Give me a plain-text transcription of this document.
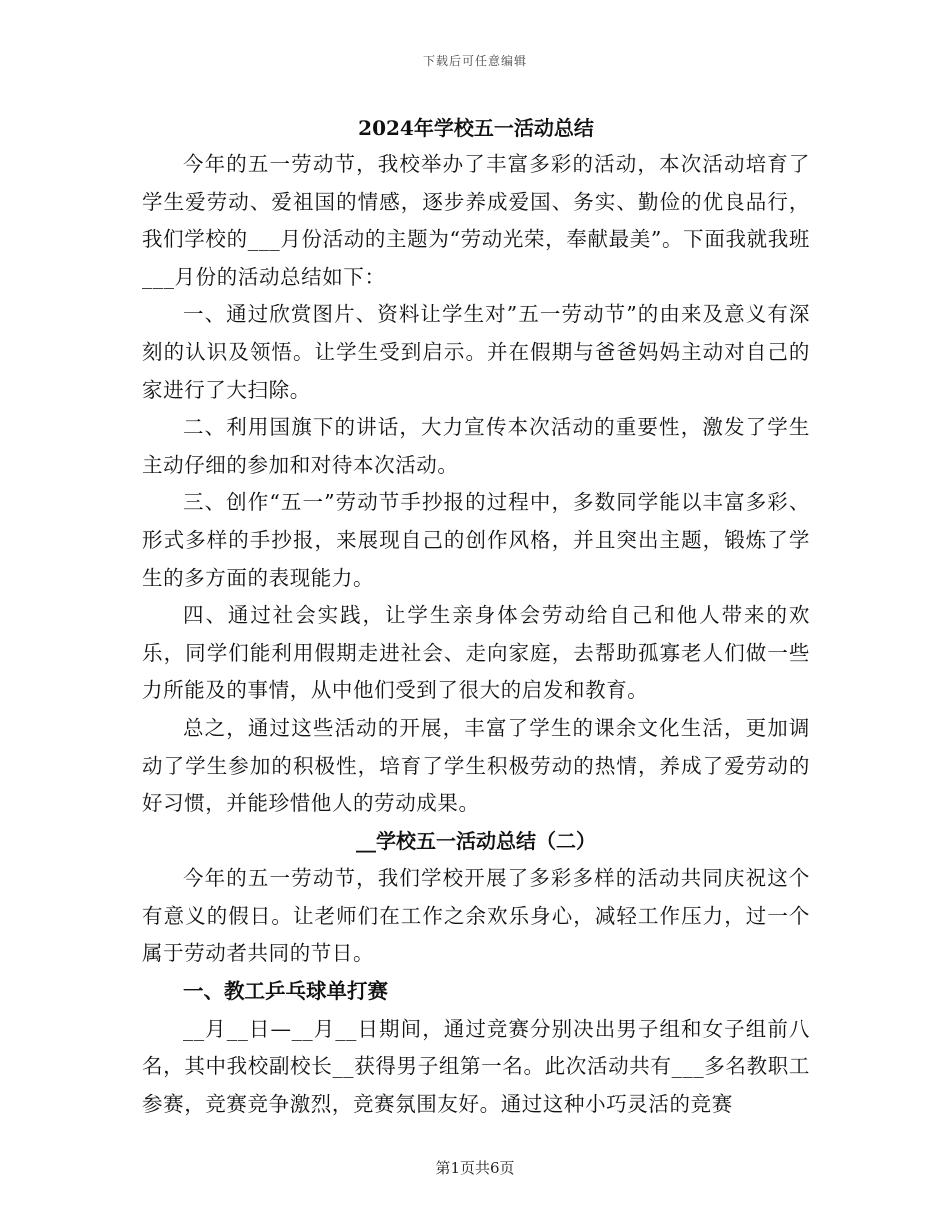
下载后可任意编辑
2024年学校五一活动总结

今年的五一劳动节，我校举办了丰富多彩的活动，本次活动培育了学生爱劳动、爱祖国的情感，逐步养成爱国、务实、勤俭的优良品行，我们学校的___月份活动的主题为“劳动光荣，奉献最美”。下面我就我班___月份的活动总结如下：

一、通过欣赏图片、资料让学生对”五一劳动节”的由来及意义有深刻的认识及领悟。让学生受到启示。并在假期与爸爸妈妈主动对自己的家进行了大扫除。

二、利用国旗下的讲话，大力宣传本次活动的重要性，激发了学生主动仔细的参加和对待本次活动。

三、创作“五一”劳动节手抄报的过程中，多数同学能以丰富多彩、形式多样的手抄报，来展现自己的创作风格，并且突出主题，锻炼了学生的多方面的表现能力。

四、通过社会实践，让学生亲身体会劳动给自己和他人带来的欢乐，同学们能利用假期走进社会、走向家庭，去帮助孤寡老人们做一些力所能及的事情，从中他们受到了很大的启发和教育。

总之，通过这些活动的开展，丰富了学生的课余文化生活，更加调动了学生参加的积极性，培育了学生积极劳动的热情，养成了爱劳动的好习惯，并能珍惜他人的劳动成果。

__学校五一活动总结（二）

今年的五一劳动节，我们学校开展了多彩多样的活动共同庆祝这个有意义的假日。让老师们在工作之余欢乐身心，减轻工作压力，过一个属于劳动者共同的节日。

一、教工乒乓球单打赛

__月__日—__月__日期间，通过竞赛分别决出男子组和女子组前八名，其中我校副校长__获得男子组第一名。此次活动共有___多名教职工参赛，竞赛竞争激烈，竞赛氛围友好。通过这种小巧灵活的竞赛

第1页共6页
